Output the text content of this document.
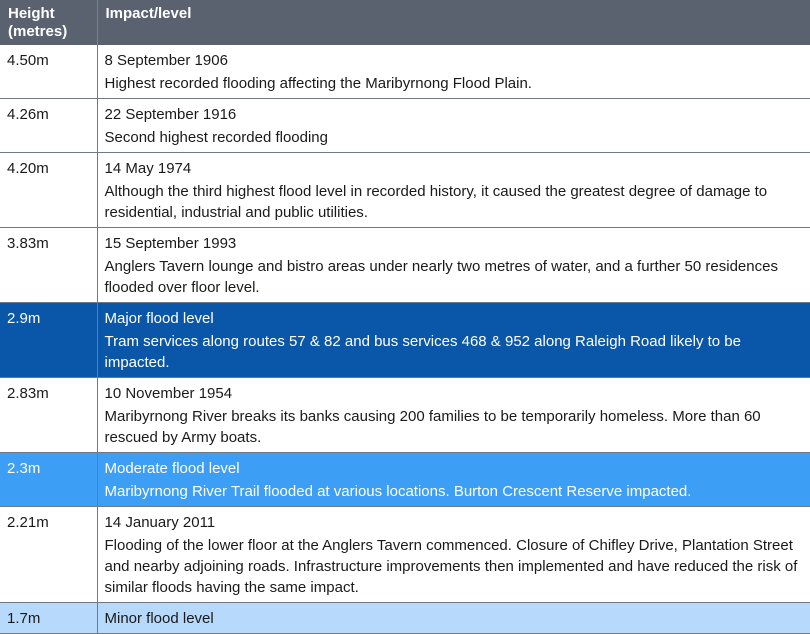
Height (metres)	Impact/level
4.50m	8 September 1906
Highest recorded flooding affecting the Maribyrnong Flood Plain.

4.26m	22 September 1916
Second highest recorded flooding

4.20m	14 May 1974
Although the third highest flood level in recorded history, it caused the greatest degree of damage to residential, industrial and public utilities.

3.83m	15 September 1993
Anglers Tavern lounge and bistro areas under nearly two metres of water, and a further 50 residences flooded over floor level.

2.9m	Major flood level
Tram services along routes 57 & 82 and bus services 468 & 952 along Raleigh Road likely to be impacted.

2.83m	10 November 1954
Maribyrnong River breaks its banks causing 200 families to be temporarily homeless. More than 60 rescued by Army boats.

2.3m	Moderate flood level
Maribyrnong River Trail flooded at various locations. Burton Crescent Reserve impacted.

2.21m	14 January 2011
Flooding of the lower floor at the Anglers Tavern commenced. Closure of Chifley Drive, Plantation Street and nearby adjoining roads. Infrastructure improvements then implemented and have reduced the risk of similar floods having the same impact.

1.7m	Minor flood level
